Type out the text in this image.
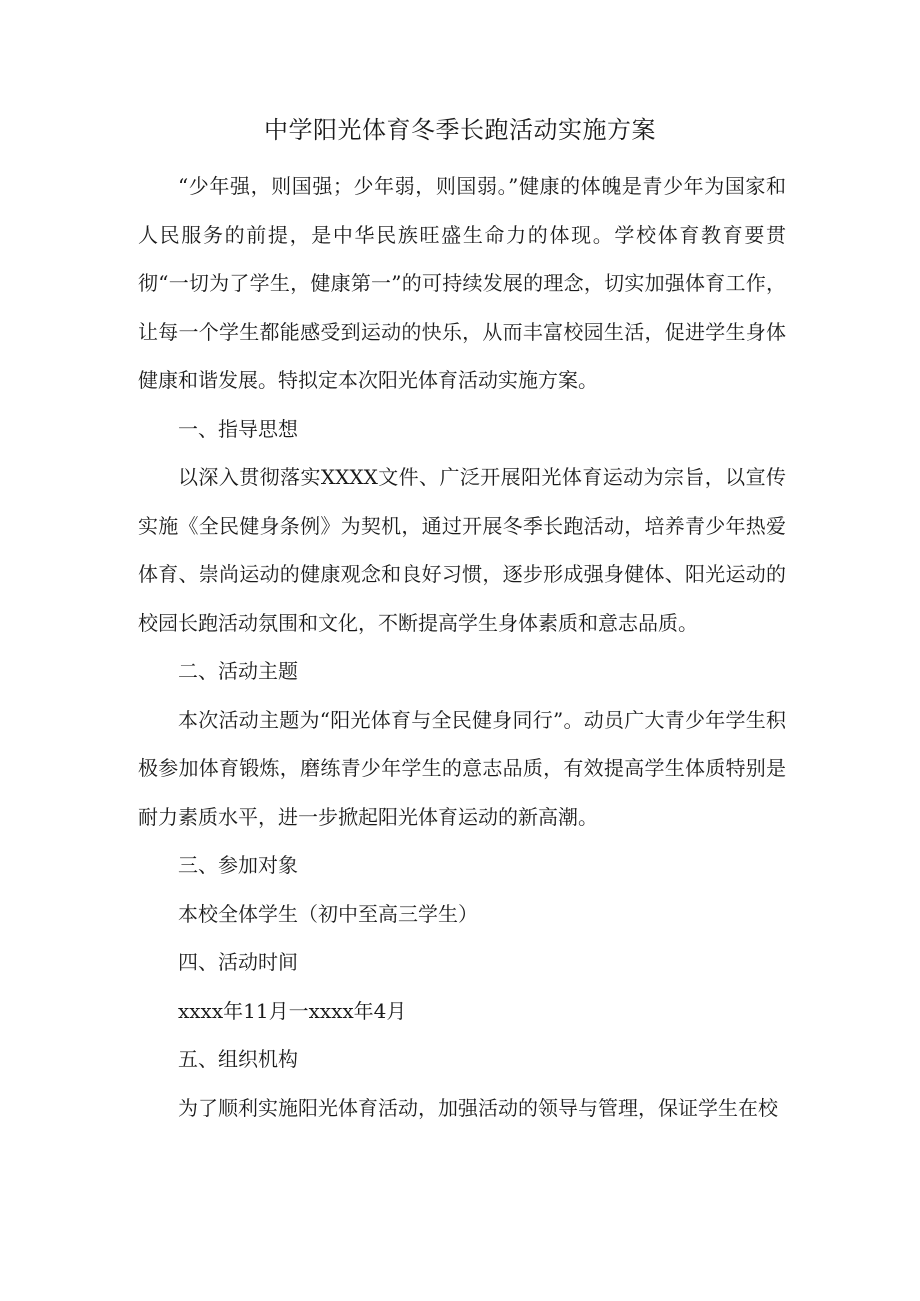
中学阳光体育冬季长跑活动实施方案

“少年强，则国强；少年弱，则国弱。”健康的体魄是青少年为国家和人民服务的前提，是中华民族旺盛生命力的体现。学校体育教育要贯彻“一切为了学生，健康第一”的可持续发展的理念，切实加强体育工作，让每一个学生都能感受到运动的快乐，从而丰富校园生活，促进学生身体健康和谐发展。特拟定本次阳光体育活动实施方案。

一、指导思想

以深入贯彻落实XXXX文件、广泛开展阳光体育运动为宗旨，以宣传实施《全民健身条例》为契机，通过开展冬季长跑活动，培养青少年热爱体育、崇尚运动的健康观念和良好习惯，逐步形成强身健体、阳光运动的校园长跑活动氛围和文化，不断提高学生身体素质和意志品质。

二、活动主题

本次活动主题为“阳光体育与全民健身同行”。动员广大青少年学生积极参加体育锻炼，磨练青少年学生的意志品质，有效提高学生体质特别是耐力素质水平，进一步掀起阳光体育运动的新高潮。

三、参加对象

本校全体学生（初中至高三学生）

四、活动时间

xxxx年11月一xxxx年4月

五、组织机构

为了顺利实施阳光体育活动，加强活动的领导与管理，保证学生在校
